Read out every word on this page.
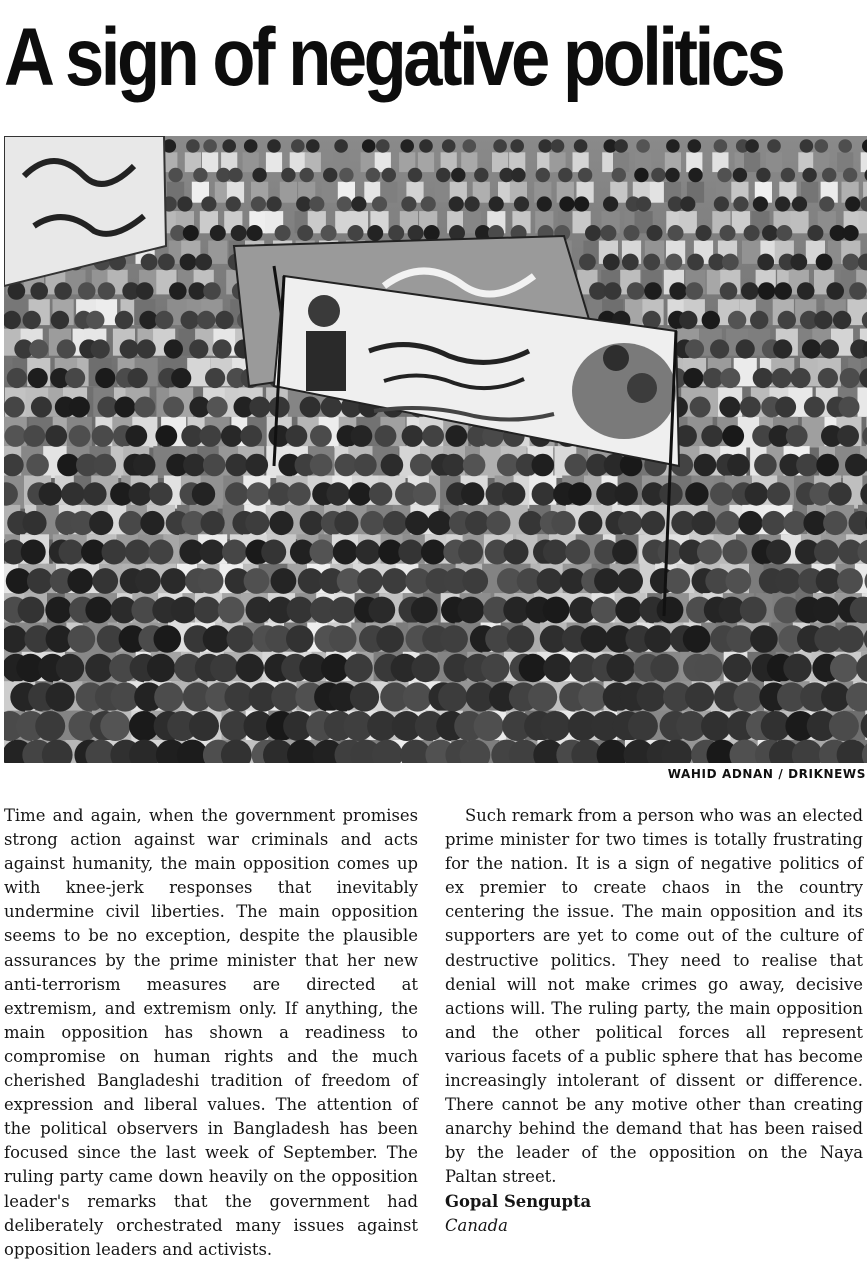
A sign of negative politics
WAHID ADNAN / DRIKNEWS

Time and again, when the government promises strong action against war criminals and acts against humanity, the main opposition comes up with knee-jerk responses that inevitably undermine civil liberties. The main opposition seems to be no exception, despite the plausible assurances by the prime minister that her new anti-terrorism measures are directed at extremism, and extremism only. If anything, the main opposition has shown a readiness to compromise on human rights and the much cherished Bangladeshi tradition of freedom of expression and liberal values. The attention of the political observers in Bangladesh has been focused since the last week of September. The ruling party came down heavily on the opposition leader's remarks that the government had deliberately orchestrated many issues against opposition leaders and activists.

Such remark from a person who was an elected prime minister for two times is totally frustrating for the nation. It is a sign of negative politics of ex premier to create chaos in the country centering the issue. The main opposition and its supporters are yet to come out of the culture of destructive politics. They need to realise that denial will not make crimes go away, decisive actions will. The ruling party, the main opposition and the other political forces all represent various facets of a public sphere that has become increasingly intolerant of dissent or difference. There cannot be any motive other than creating anarchy behind the demand that has been raised by the leader of the opposition on the Naya Paltan street.

Gopal Sengupta
Canada
